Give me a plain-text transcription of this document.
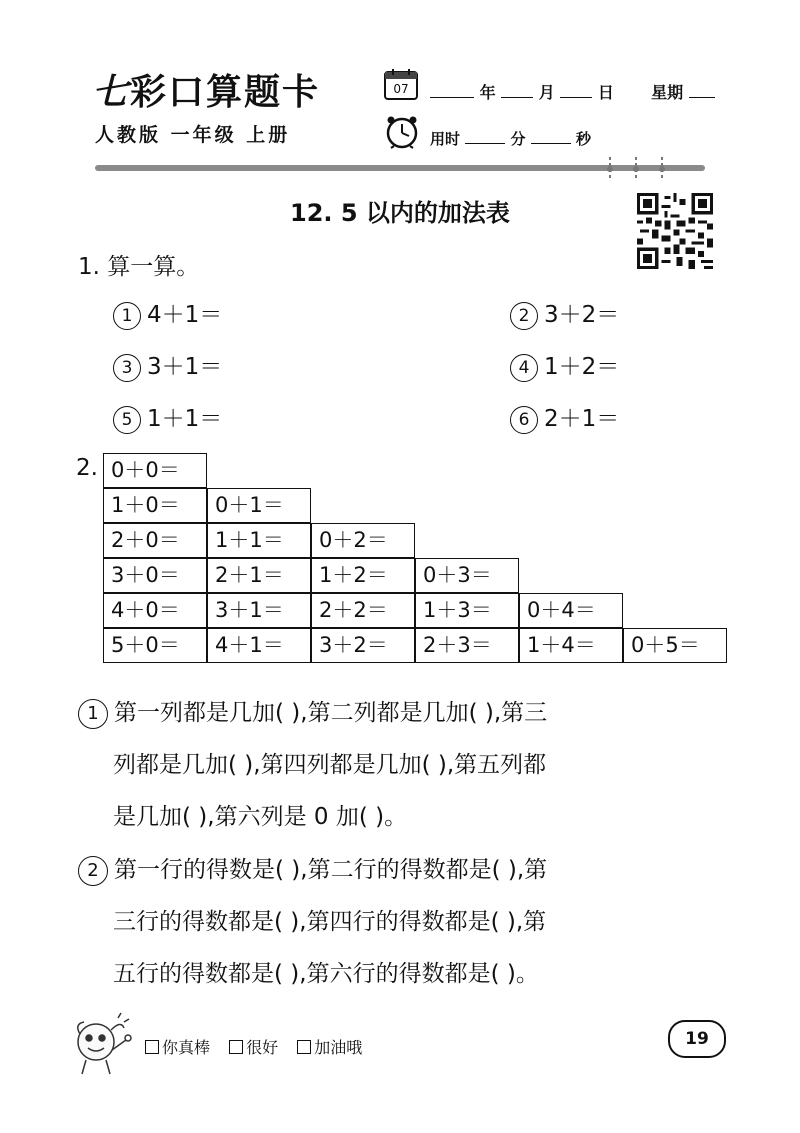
七彩口算题卡
人教版 一年级 上册
07	年	月	日 星期
用时	分	秒
12. 5 以内的加法表
1. 算一算。
1 4＋1＝	2 3＋2＝
3 3＋1＝	4 1＋2＝
5 1＋1＝	6 2＋1＝
2. 0＋0＝
1＋0＝	0＋1＝
2＋0＝	1＋1＝	0＋2＝
3＋0＝	2＋1＝	1＋2＝	0＋3＝
4＋0＝	3＋1＝	2＋2＝	1＋3＝	0＋4＝
5＋0＝	4＋1＝	3＋2＝	2＋3＝	1＋4＝	0＋5＝
1 第一列都是几加( ),第二列都是几加( ),第三
列都是几加( ),第四列都是几加( ),第五列都
是几加( ),第六列是 0 加( )。
2 第一行的得数是( ),第二行的得数都是( ),第
三行的得数都是( ),第四行的得数都是( ),第
五行的得数都是( ),第六行的得数都是( )。
你真棒 很好 加油哦	19
